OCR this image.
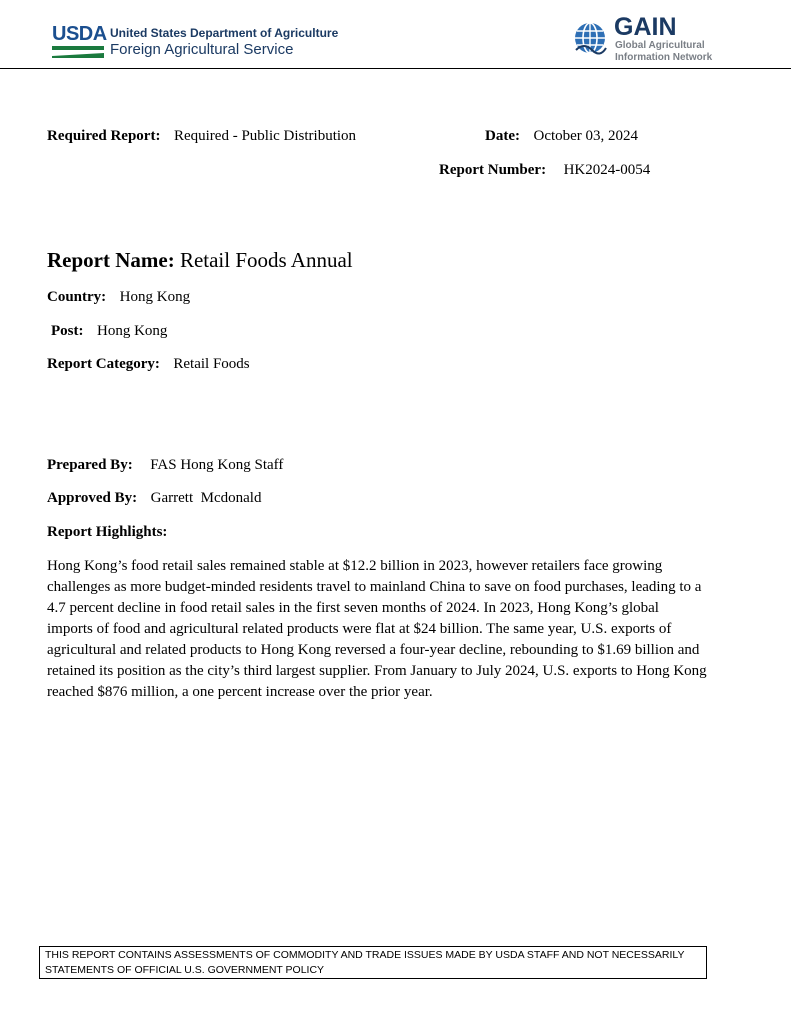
USDA United States Department of Agriculture
Foreign Agricultural Service
GAIN
Global Agricultural
Information Network
Required Report: Required - Public Distribution	Date: October 03, 2024
Report Number: HK2024-0054
Report Name: Retail Foods Annual
Country: Hong Kong
Post: Hong Kong
Report Category: Retail Foods
Prepared By: FAS Hong Kong Staff
Approved By: Garrett  Mcdonald
Report Highlights:
Hong Kong’s food retail sales remained stable at $12.2 billion in 2023, however retailers face growing challenges as more budget-minded residents travel to mainland China to save on food purchases, leading to a 4.7 percent decline in food retail sales in the first seven months of 2024. In 2023, Hong Kong’s global imports of food and agricultural related products were flat at $24 billion. The same year, U.S. exports of agricultural and related products to Hong Kong reversed a four-year decline, rebounding to $1.69 billion and retained its position as the city’s third largest supplier. From January to July 2024, U.S. exports to Hong Kong reached $876 million, a one percent increase over the prior year.
THIS REPORT CONTAINS ASSESSMENTS OF COMMODITY AND TRADE ISSUES MADE BY USDA STAFF AND NOT NECESSARILY
STATEMENTS OF OFFICIAL U.S. GOVERNMENT POLICY
